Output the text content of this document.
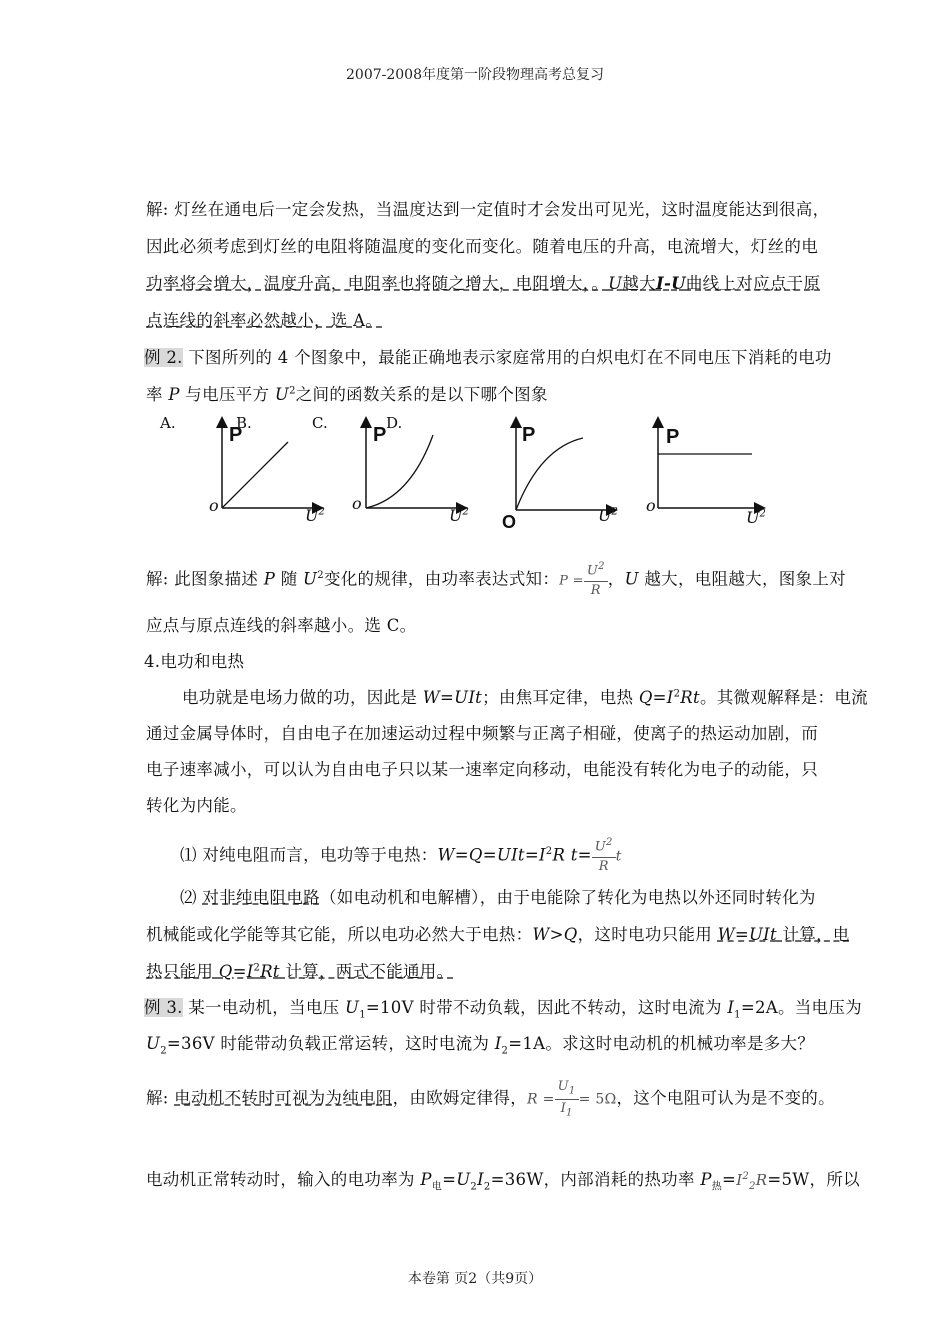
2007-2008年度第一阶段物理高考总复习
解: 灯丝在通电后一定会发热，当温度达到一定值时才会发出可见光，这时温度能达到很高，
因此必须考虑到灯丝的电阻将随温度的变化而变化。随着电压的升高，电流增大，灯丝的电
功率将会增大，温度升高，电阻率也将随之增大，电阻增大，。U越大I-U曲线上对应点于原
点连线的斜率必然越小，选 A。
例 2. 下图所列的 4 个图象中，最能正确地表示家庭常用的白炽电灯在不同电压下消耗的电功
率 P 与电压平方 $U^2$之间的函数关系的是以下哪个图象
A.	B.	C.	D.
P
o
$U^2$
P
o
$U^2$
P
O	$U^2$
P
o
$U^2$
解: 此图象描述 P 随 $U^2$变化的规律，由功率表达式知：$P = \frac{U^2}{R}$ ，U 越大，电阻越大，图象上对
应点与原点连线的斜率越小。选 C。
4.电功和电热
电功就是电场力做的功，因此是 W=UIt；由焦耳定律，电热 $Q=I^2Rt$。其微观解释是：电流
通过金属导体时，自由电子在加速运动过程中频繁与正离子相碰，使离子的热运动加剧，而
电子速率减小，可以认为自由电子只以某一速率定向移动，电能没有转化为电子的动能，只
转化为内能。
⑴ 对纯电阻而言，电功等于电热：$W=Q=UIt=I^2R$ $t= \frac{U^2}{R}$ t
⑵ 对非纯电阻电路（如电动机和电解槽），由于电能除了转化为电热以外还同时转化为
机械能或化学能等其它能，所以电功必然大于电热：W>Q，这时电功只能用 W=UIt 计算，电
热只能用 $Q=I^2Rt$ 计算，两式不能通用。
例 3. 某一电动机，当电压 $U_1=10V$ 时带不动负载，因此不转动，这时电流为 $I_1=2A$。当电压为
$U_2=36V$ 时能带动负载正常运转，这时电流为 $I_2=1A$。求这时电动机的机械功率是多大？
解: 电动机不转时可视为为纯电阻，由欧姆定律得，$R = \frac{U_1}{I_1} = 5\Omega$，这个电阻可认为是不变的。
电动机正常转动时，输入的电功率为 $P_电=U_2I_2=36W$，内部消耗的热功率 $P_热=I^2_2R=5W$，所以
本卷第 页2（共9页）
